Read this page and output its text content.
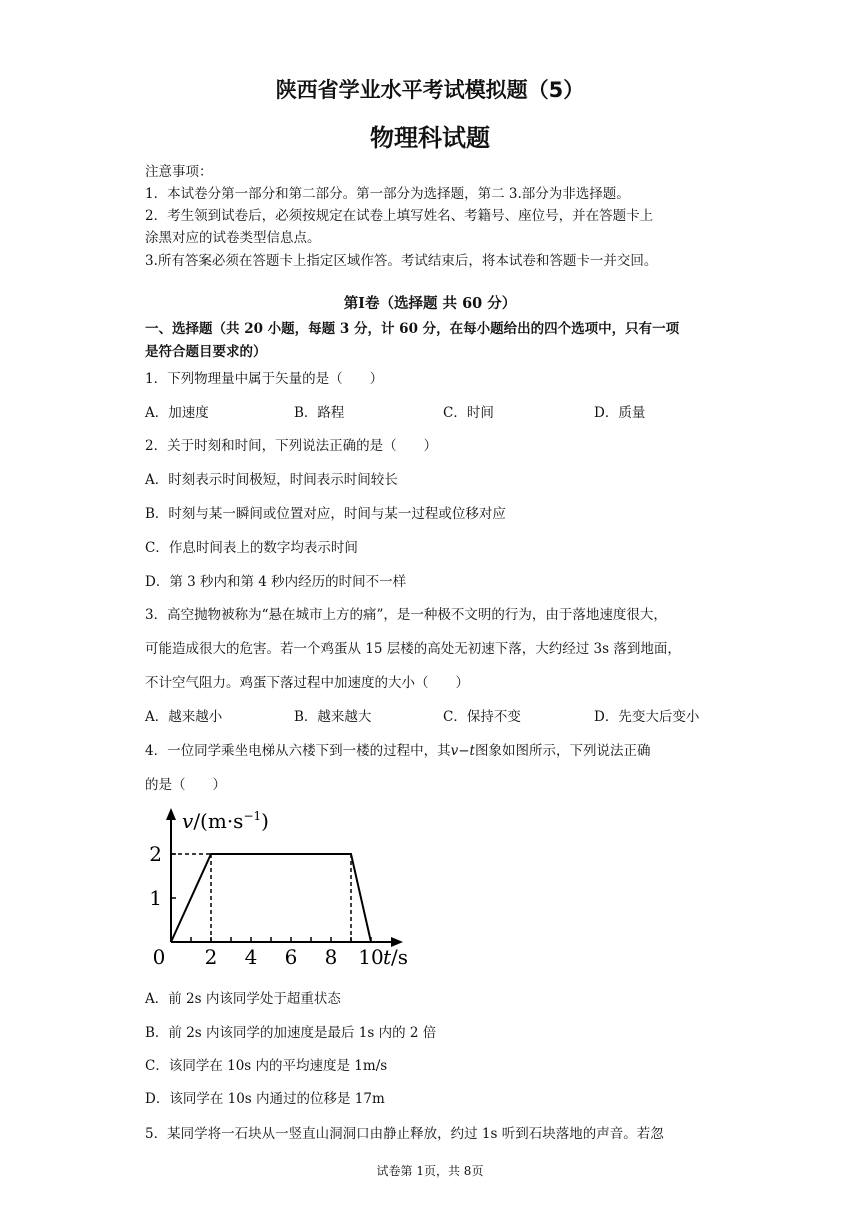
陕西省学业水平考试模拟题（5）
物理科试题
注意事项：
1．本试卷分第一部分和第二部分。第一部分为选择题，第二 3.部分为非选择题。
2．考生领到试卷后，必须按规定在试卷上填写姓名、考籍号、座位号，并在答题卡上
涂黑对应的试卷类型信息点。
3.所有答案必须在答题卡上指定区域作答。考试结束后，将本试卷和答题卡一并交回。
第Ⅰ卷（选择题 共 60 分）
一、选择题（共 20 小题，每题 3 分，计 60 分，在每小题给出的四个选项中，只有一项
是符合题目要求的）
1．下列物理量中属于矢量的是（　　）
A．加速度	B．路程	C．时间	D．质量
2．关于时刻和时间，下列说法正确的是（　　）
A．时刻表示时间极短，时间表示时间较长
B．时刻与某一瞬间或位置对应，时间与某一过程或位移对应
C．作息时间表上的数字均表示时间
D．第 3 秒内和第 4 秒内经历的时间不一样
3．高空抛物被称为“悬在城市上方的痛”，是一种极不文明的行为，由于落地速度很大，
可能造成很大的危害。若一个鸡蛋从 15 层楼的高处无初速下落，大约经过 3s 落到地面，
不计空气阻力。鸡蛋下落过程中加速度的大小（　　）
A．越来越小	B．越来越大	C．保持不变	D．先变大后变小
4．一位同学乘坐电梯从六楼下到一楼的过程中，其v−t图象如图所示，下列说法正确
的是（　　）
0 2 4 6 8 10
1
2
$v/(m\cdot s^{-1})$
t/s
A．前 2s 内该同学处于超重状态
B．前 2s 内该同学的加速度是最后 1s 内的 2 倍
C．该同学在 10s 内的平均速度是 1m/s
D．该同学在 10s 内通过的位移是 17m
5．某同学将一石块从一竖直山洞洞口由静止释放，约过 1s 听到石块落地的声音。若忽
试卷第 1页，共 8页
